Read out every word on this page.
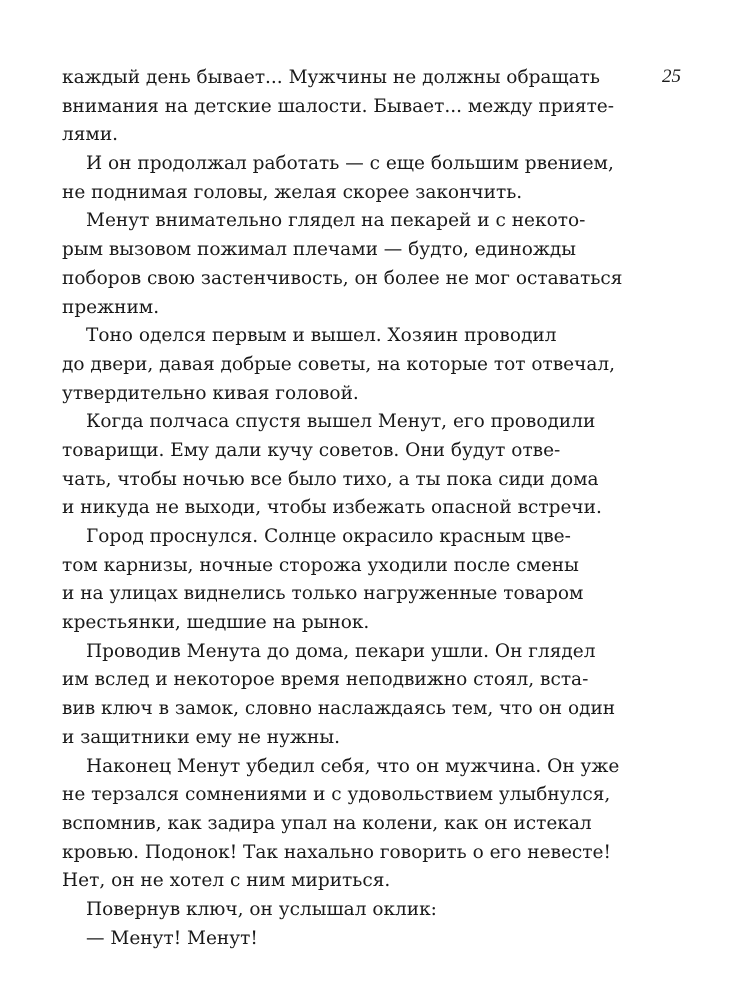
25
каждый день бывает... Мужчины не должны обращать
внимания на детские шалости. Бывает... между прияте-
лями.
И он продолжал работать — с еще большим рвением,
не поднимая головы, желая скорее закончить.
Менут внимательно глядел на пекарей и с некото-
рым вызовом пожимал плечами — будто, единожды
поборов свою застенчивость, он более не мог оставаться
прежним.
Тоно оделся первым и вышел. Хозяин проводил
до двери, давая добрые советы, на которые тот отвечал,
утвердительно кивая головой.
Когда полчаса спустя вышел Менут, его проводили
товарищи. Ему дали кучу советов. Они будут отве-
чать, чтобы ночью все было тихо, а ты пока сиди дома
и никуда не выходи, чтобы избежать опасной встречи.
Город проснулся. Солнце окрасило красным цве-
том карнизы, ночные сторожа уходили после смены
и на улицах виднелись только нагруженные товаром
крестьянки, шедшие на рынок.
Проводив Менута до дома, пекари ушли. Он глядел
им вслед и некоторое время неподвижно стоял, вста-
вив ключ в замок, словно наслаждаясь тем, что он один
и защитники ему не нужны.
Наконец Менут убедил себя, что он мужчина. Он уже
не терзался сомнениями и с удовольствием улыбнулся,
вспомнив, как задира упал на колени, как он истекал
кровью. Подонок! Так нахально говорить о его невесте!
Нет, он не хотел с ним мириться.
Повернув ключ, он услышал оклик:
— Менут! Менут!
